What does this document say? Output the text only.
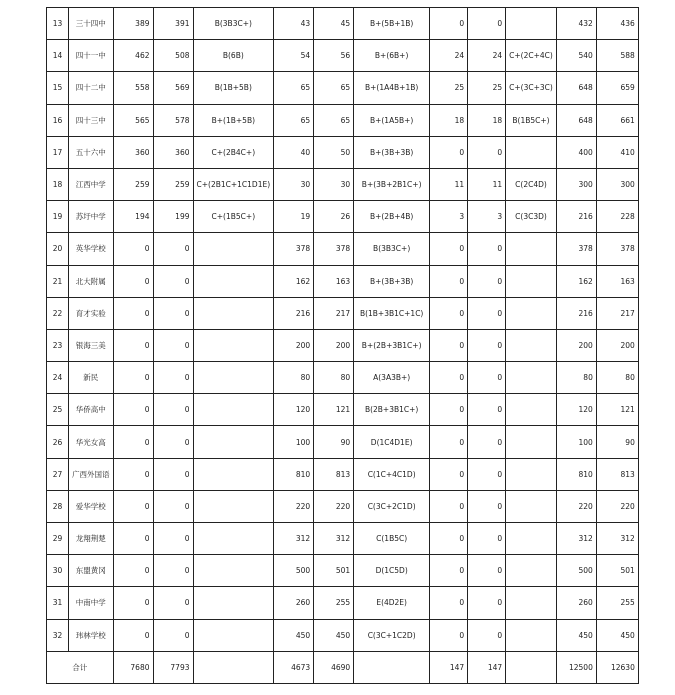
13	三十四中	389	391	B(3B3C+)	43	45	B+(5B+1B)	0	0		432	436
14	四十一中	462	508	B(6B)	54	56	B+(6B+)	24	24	C+(2C+4C)	540	588
15	四十二中	558	569	B(1B+5B)	65	65	B+(1A4B+1B)	25	25	C+(3C+3C)	648	659
16	四十三中	565	578	B+(1B+5B)	65	65	B+(1A5B+)	18	18	B(1B5C+)	648	661
17	五十六中	360	360	C+(2B4C+)	40	50	B+(3B+3B)	0	0		400	410
18	江西中学	259	259	C+(2B1C+1C1D1E)	30	30	B+(3B+2B1C+)	11	11	C(2C4D)	300	300
19	苏圩中学	194	199	C+(1B5C+)	19	26	B+(2B+4B)	3	3	C(3C3D)	216	228
20	英华学校	0	0		378	378	B(3B3C+)	0	0		378	378
21	北大附属	0	0		162	163	B+(3B+3B)	0	0		162	163
22	育才实验	0	0		216	217	B(1B+3B1C+1C)	0	0		216	217
23	银海三美	0	0		200	200	B+(2B+3B1C+)	0	0		200	200
24	新民	0	0		80	80	A(3A3B+)	0	0		80	80
25	华侨高中	0	0		120	121	B(2B+3B1C+)	0	0		120	121
26	华光女高	0	0		100	90	D(1C4D1E)	0	0		100	90
27	广西外国语	0	0		810	813	C(1C+4C1D)	0	0		810	813
28	爱华学校	0	0		220	220	C(3C+2C1D)	0	0		220	220
29	龙翔荆楚	0	0		312	312	C(1B5C)	0	0		312	312
30	东盟黄冈	0	0		500	501	D(1C5D)	0	0		500	501
31	中南中学	0	0		260	255	E(4D2E)	0	0		260	255
32	玮林学校	0	0		450	450	C(3C+1C2D)	0	0		450	450
合计		7680	7793		4673	4690		147	147		12500	12630
